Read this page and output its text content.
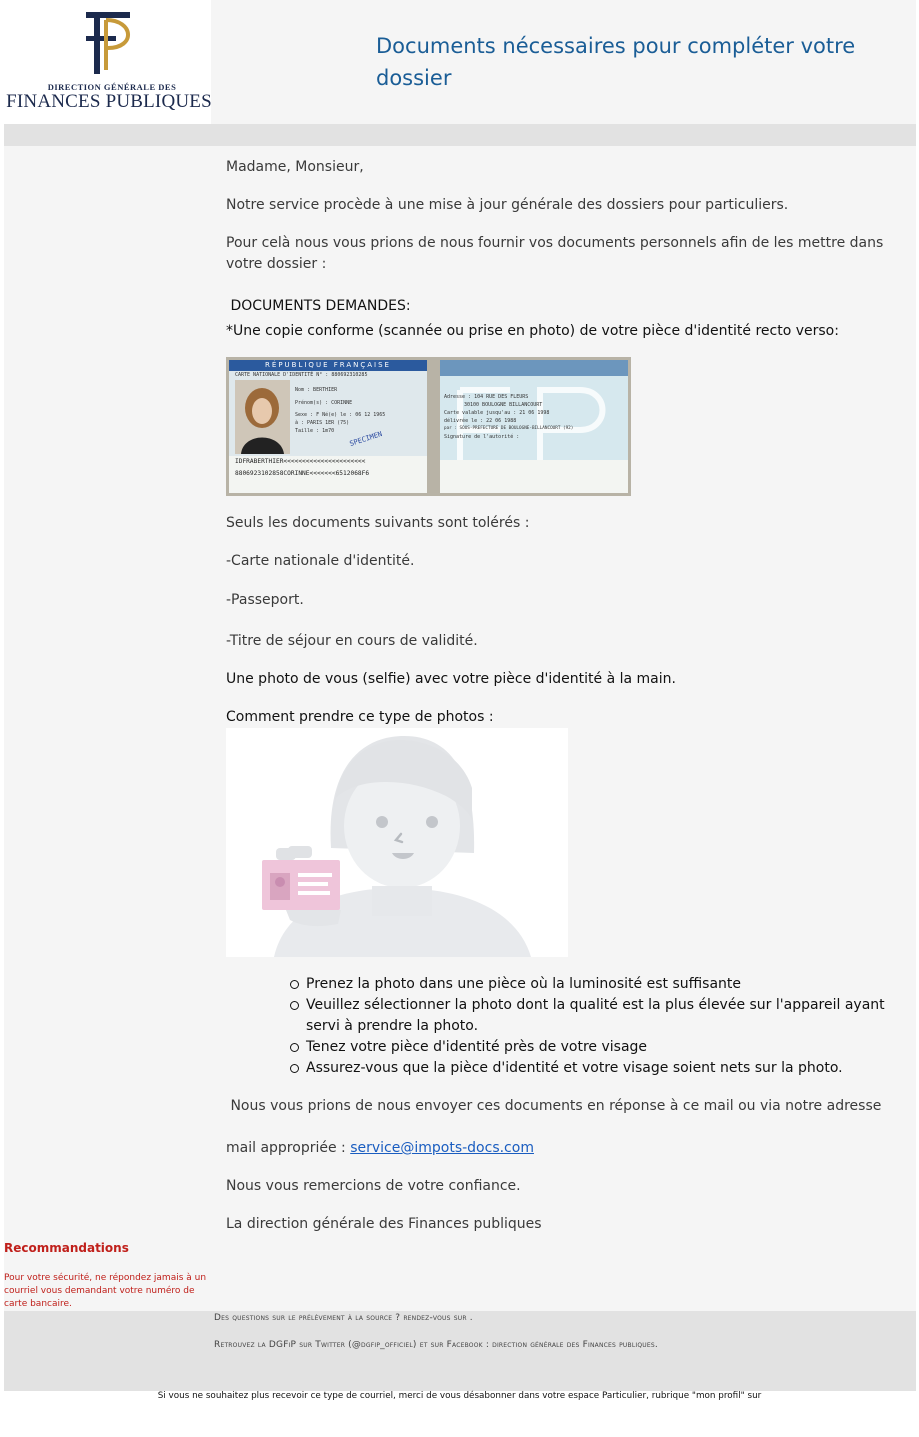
DIRECTION GÉNÉRALE DES
FINANCES PUBLIQUES
Documents nécessaires pour compléter votre dossier

Madame, Monsieur,

Notre service procède à une mise à jour générale des dossiers pour particuliers.

Pour celà nous vous prions de nous fournir vos documents personnels afin de les mettre dans votre dossier :

DOCUMENTS DEMANDES:

*Une copie conforme (scannée ou prise en photo) de votre pièce d'identité recto verso:

RÉPUBLIQUE FRANÇAISE
CARTE NATIONALE D'IDENTITÉ N° : 880692310285
Nom : BERTHIER
Prénom(s) : CORINNE
Sexe : F Né(e) le : 06 12 1965
à : PARIS 1ER (75)
Taille : 1m70 SPECIMEN
IDFRABERTHIER<<<<<<<<<<<<<<<<<<<<<<
8806923102858CORINNE<<<<<<<6512068F6
Adresse : 104 RUE DES FLEURS
30100 BOULOGNE BILLANCOURT
Carte valable jusqu'au : 21 06 1998
délivrée le : 22 06 1988
par : SOUS-PREFECTURE DE BOULOGNE-BILLANCOURT (92)
Signature de l'autorité :

Seuls les documents suivants sont tolérés :

-Carte nationale d'identité.

-Passeport.

-Titre de séjour en cours de validité.

Une photo de vous (selfie) avec votre pièce d'identité à la main.

Comment prendre ce type de photos :

Prenez la photo dans une pièce où la luminosité est suffisante
Veuillez sélectionner la photo dont la qualité est la plus élevée sur l'appareil ayant servi à prendre la photo.
Tenez votre pièce d'identité près de votre visage
Assurez-vous que la pièce d'identité et votre visage soient nets sur la photo.

Nous vous prions de nous envoyer ces documents en réponse à ce mail ou via notre adresse

mail appropriée : service@impots-docs.com

Nous vous remercions de votre confiance.

La direction générale des Finances publiques

Recommandations
Pour votre sécurité, ne répondez jamais à un courriel vous demandant votre numéro de carte bancaire.
Des questions sur le prélèvement à la source ? rendez-vous sur .
Retrouvez la DGFiP sur Twitter (@dgfip_officiel) et sur Facebook : direction générale des Finances publiques.
Si vous ne souhaitez plus recevoir ce type de courriel, merci de vous désabonner dans votre espace Particulier, rubrique "mon profil" sur
